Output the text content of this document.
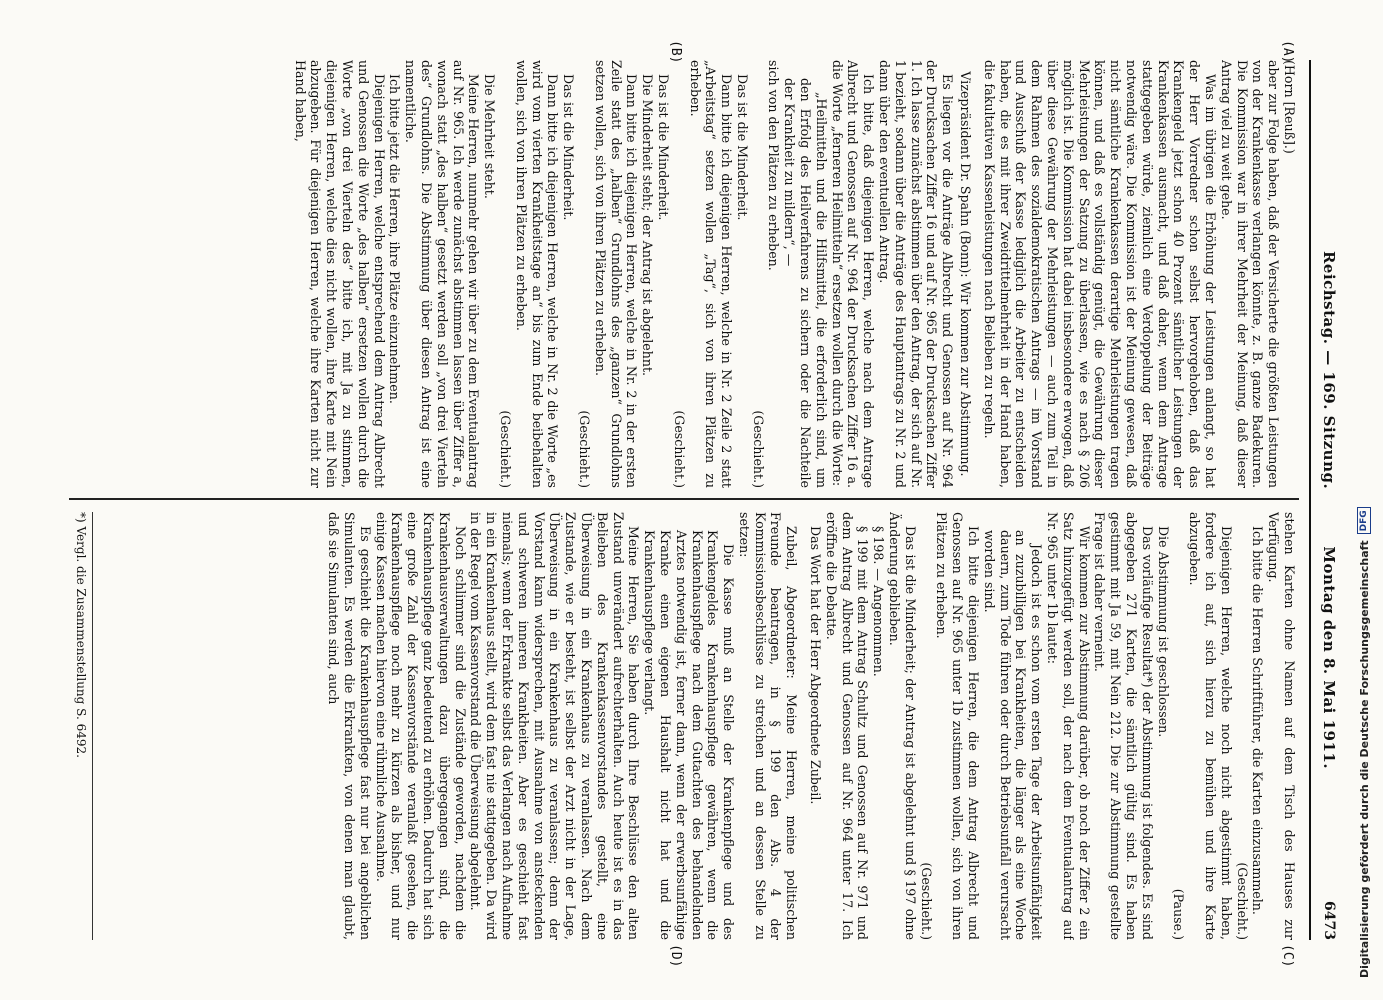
Reichstag. — 169. Sitzung.          Montag den 8. Mai 1911.
6473
(A)
(B)
(C)
(D)

(Horn [Reuß].)

aber zur Folge haben, daß der Versicherte die größten Leistungen von der Krankenkasse verlangen könnte, z. B. ganze Badekuren. Die Kommission war in ihrer Mehrheit der Meinung, daß dieser Antrag viel zu weit gehe.

Was im übrigen die Erhöhung der Leistungen anlangt, so hat der Herr Vorredner schon selbst hervorgehoben, daß das Krankengeld jetzt schon 40 Prozent sämtlicher Leistungen der Krankenkassen ausmacht, und daß daher, wenn dem Antrage stattgegeben würde, ziemlich eine Verdoppelung der Beiträge notwendig wäre. Die Kommission ist der Meinung gewesen, daß nicht sämtliche Krankenkassen derartige Mehrleistungen tragen können, und daß es vollständig genügt, die Gewährung dieser Mehrleistungen der Satzung zu überlassen, wie es nach § 206 möglich ist. Die Kommission hat dabei insbesondere erwogen, daß über diese Gewährung der Mehrleistungen — auch zum Teil in dem Rahmen des sozialdemokratischen Antrags — im Vorstand und Ausschuß der Kasse lediglich die Arbeiter zu entscheiden haben, die es mit ihrer Zweidrittelmehrheit in der Hand haben, die fakultativen Kassenleistungen nach Belieben zu regeln.

Vizepräsident Dr. Spahn (Bonn): Wir kommen zur Abstimmung.

Es liegen vor die Anträge Albrecht und Genossen auf Nr. 964 der Drucksachen Ziffer 16 und auf Nr. 965 der Drucksachen Ziffer 1. Ich lasse zunächst abstimmen über den Antrag, der sich auf Nr. 1 bezieht, sodann über die Anträge des Hauptantrags zu Nr. 2 und dann über den eventuellen Antrag.

Ich bitte, daß diejenigen Herren, welche nach dem Antrage Albrecht und Genossen auf Nr. 964 der Drucksachen Ziffer 16 a. die Worte „ferneren Heilmitteln“ ersetzen wollen durch die Worte:

„Heilmitteln und die Hilfsmittel, die erforderlich sind, um den Erfolg des Heilverfahrens zu sichern oder die Nachteile der Krankheit zu mildern“, —

sich von den Plätzen zu erheben.

(Geschieht.)

Das ist die Minderheit.

Dann bitte ich diejenigen Herren, welche in Nr. 2 Zeile 2 statt „Arbeitstag“ setzen wollen „Tag“, sich von ihren Plätzen zu erheben.

(Geschieht.)

Das ist die Minderheit.

Die Minderheit steht; der Antrag ist abgelehnt.

Dann bitte ich diejenigen Herren, welche in Nr. 2 in der ersten Zeile statt des „halben“ Grundlohns des „ganzen“ Grundlohns setzen wollen, sich von ihren Plätzen zu erheben.

(Geschieht.)

Das ist die Minderheit.

Dann bitte ich diejenigen Herren, welche in Nr. 2 die Worte „es wird vom vierten Krankheitstage an“ bis zum Ende beibehalten wollen, sich von ihren Plätzen zu erheben.

(Geschieht.)

Die Mehrheit steht.

Meine Herren, nunmehr gehen wir über zu dem Eventualantrag auf Nr. 965. Ich werde zunächst abstimmen lassen über Ziffer a, wonach statt „des halben“ gesetzt werden soll „von drei Vierteln des“ Grundlohns. Die Abstimmung über diesen Antrag ist eine namentliche.

Ich bitte jetzt die Herren, ihre Plätze einzunehmen.

Diejenigen Herren, welche entsprechend dem Antrag Albrecht und Genossen die Worte „des halben“ ersetzen wollen durch die Worte „von drei Vierteln des“ bitte ich, mit Ja zu stimmen, diejenigen Herren, welche dies nicht wollen, ihre Karte mit Nein abzugeben. Für diejenigen Herren, welche ihre Karten nicht zur Hand haben,

stehen Karten ohne Namen auf dem Tisch des Hauses zur Verfügung.

Ich bitte die Herren Schriftführer, die Karten einzusammeln.

(Geschieht.)

Diejenigen Herren, welche noch nicht abgestimmt haben, fordere ich auf, sich hierzu zu bemühen und ihre Karte abzugeben.

(Pause.)

Die Abstimmung ist geschlossen.

Das vorläufige Resultat*) der Abstimmung ist folgendes. Es sind abgegeben 271 Karten, die sämtlich gültig sind. Es haben gestimmt mit Ja 59, mit Nein 212. Die zur Abstimmung gestellte Frage ist daher verneint.

Wir kommen zur Abstimmung darüber, ob noch der Ziffer 2 ein Satz hinzugefügt werden soll, der nach dem Eventualantrag auf Nr. 965 unter 1b lautet:

Jedoch ist es schon vom ersten Tage der Arbeitsunfähigkeit an zuzubilligen bei Krankheiten, die länger als eine Woche dauern, zum Tode führen oder durch Betriebsunfall verursacht worden sind.

Ich bitte diejenigen Herren, die dem Antrag Albrecht und Genossen auf Nr. 965 unter 1b zustimmen wollen, sich von ihren Plätzen zu erheben.

(Geschieht.)

Das ist die Minderheit; der Antrag ist abgelehnt und § 197 ohne Änderung geblieben.

§ 198. — Angenommen.

§ 199 mit dem Antrag Schultz und Genossen auf Nr. 971 und dem Antrag Albrecht und Genossen auf Nr. 964 unter 17. Ich eröffne die Debatte.

Das Wort hat der Herr Abgeordnete Zubeil.

Zubeil, Abgeordneter: Meine Herren, meine politischen Freunde beantragen, in § 199 den Abs. 4 der Kommissionsbeschlüsse zu streichen und an dessen Stelle zu setzen:

Die Kasse muß an Stelle der Krankenpflege und des Krankengeldes Krankenhauspflege gewähren, wenn die Krankenhauspflege nach dem Gutachten des behandelnden Arztes notwendig ist, ferner dann, wenn der erwerbsunfähige Kranke einen eigenen Haushalt nicht hat und die Krankenhauspflege verlangt.

Meine Herren, Sie haben durch Ihre Beschlüsse den alten Zustand unverändert aufrechterhalten. Auch heute ist es in das Belieben des Krankenkassenvorstandes gestellt, eine Überweisung in ein Krankenhaus zu veranlassen. Nach dem Zustande, wie er besteht, ist selbst der Arzt nicht in der Lage, Überweisung in ein Krankenhaus zu veranlassen; denn der Vorstand kann widersprechen, mit Ausnahme von ansteckenden und schweren inneren Krankheiten. Aber es geschieht fast niemals; wenn der Erkrankte selbst das Verlangen nach Aufnahme in ein Krankenhaus stellt, wird dem fast nie stattgegeben. Da wird in der Regel vom Kassenvorstand die Überweisung abgelehnt.

Noch schlimmer sind die Zustände geworden, nachdem die Krankenhausverwaltungen dazu übergegangen sind, die Krankenhauspflege ganz bedeutend zu erhöhen. Dadurch hat sich eine große Zahl der Kassenvorstände veranlaßt gesehen, die Krankenhauspflege noch mehr zu kürzen als bisher, und nur einige Kassen machen hiervon eine rühmliche Ausnahme.

Es geschieht die Krankenhauspflege fast nur bei angeblichen Simulanten. Es werden die Erkrankten, von denen man glaubt, daß sie Simulanten sind, auch

*) Vergl. die Zusammenstellung S. 6492.	Digitalisierung gefördert durch die Deutsche Forschungsgemeinschaft
DFG
